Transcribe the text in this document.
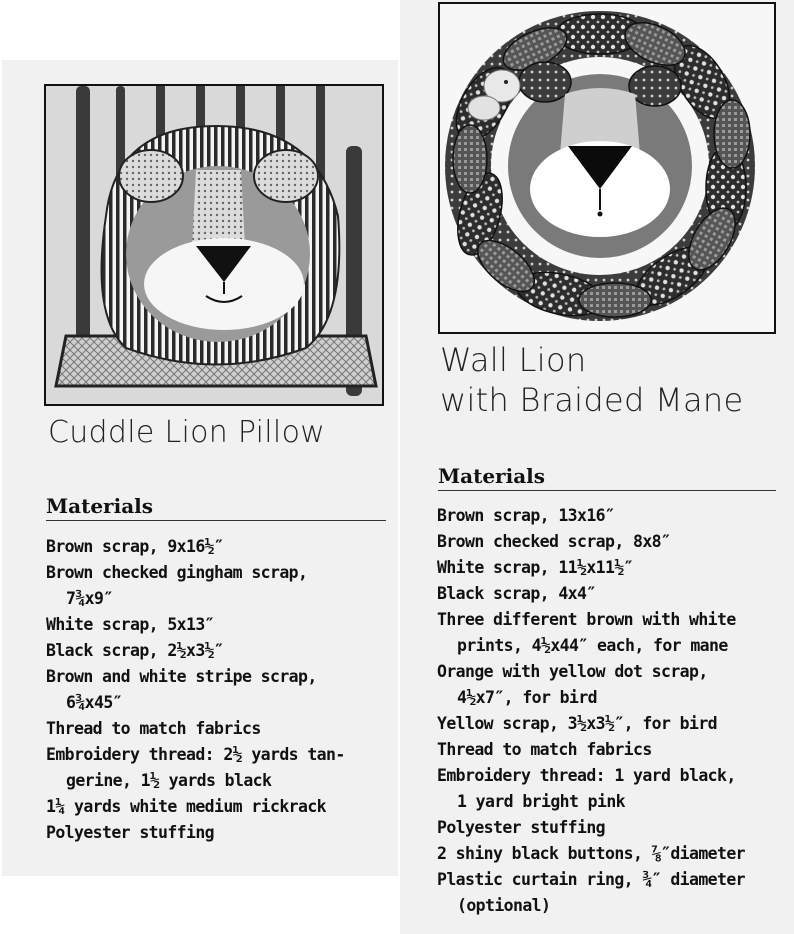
Cuddle Lion Pillow
Wall Lion
with Braided Mane
Materials
Materials
Brown scrap, 9x16½″
Brown checked gingham scrap,
7¾x9″
White scrap, 5x13″
Black scrap, 2½x3½″
Brown and white stripe scrap,
6¾x45″
Thread to match fabrics
Embroidery thread: 2½ yards tan-
gerine, 1½ yards black
1¼ yards white medium rickrack
Polyester stuffing
Brown scrap, 13x16″
Brown checked scrap, 8x8″
White scrap, 11½x11½″
Black scrap, 4x4″
Three different brown with white
prints, 4½x44″ each, for mane
Orange with yellow dot scrap,
4½x7″, for bird
Yellow scrap, 3½x3½″, for bird
Thread to match fabrics
Embroidery thread: 1 yard black,
1 yard bright pink
Polyester stuffing
2 shiny black buttons, ⅞″diameter
Plastic curtain ring, ¾″ diameter
(optional)
